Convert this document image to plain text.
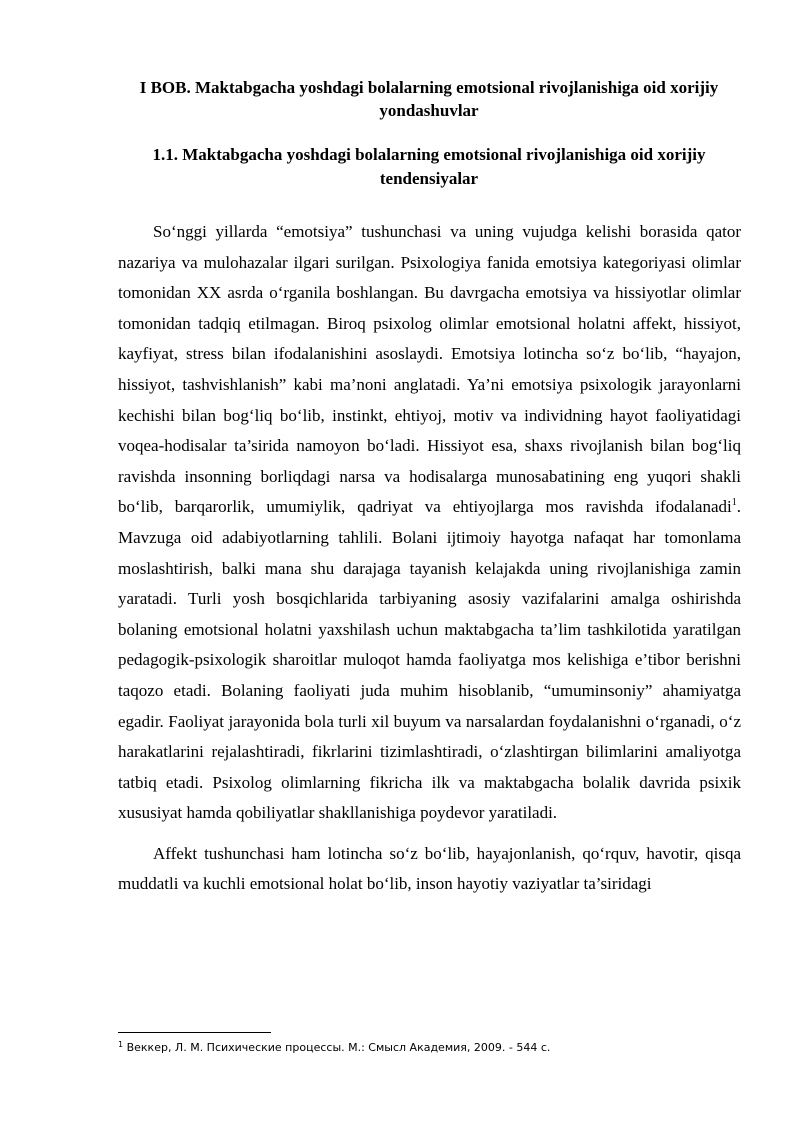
I BOB. Maktabgacha yoshdagi bolalarning emotsional rivojlanishiga oid xorijiy yondashuvlar
1.1. Maktabgacha yoshdagi bolalarning emotsional rivojlanishiga oid xorijiy tendensiyalar

So‘nggi yillarda “emotsiya” tushunchasi va uning vujudga kelishi borasida qator nazariya va mulohazalar ilgari surilgan. Psixologiya fanida emotsiya kategoriyasi olimlar tomonidan XX asrda o‘rganila boshlangan. Bu davrgacha emotsiya va hissiyotlar olimlar tomonidan tadqiq etilmagan. Biroq psixolog olimlar emotsional holatni affekt, hissiyot, kayfiyat, stress bilan ifodalanishini asoslaydi. Emotsiya lotincha so‘z bo‘lib, “hayajon, hissiyot, tashvishlanish” kabi ma’noni anglatadi. Ya’ni emotsiya psixologik jarayonlarni kechishi bilan bog‘liq bo‘lib, instinkt, ehtiyoj, motiv va individning hayot faoliyatidagi voqea-hodisalar ta’sirida namoyon bo‘ladi. Hissiyot esa, shaxs rivojlanish bilan bog‘liq ravishda insonning borliqdagi narsa va hodisalarga munosabatining eng yuqori shakli bo‘lib, barqarorlik, umumiylik, qadriyat va ehtiyojlarga mos ravishda ifodalanadi$^1$. Mavzuga oid adabiyotlarning tahlili. Bolani ijtimoiy hayotga nafaqat har tomonlama moslashtirish, balki mana shu darajaga tayanish kelajakda uning rivojlanishiga zamin yaratadi. Turli yosh bosqichlarida tarbiyaning asosiy vazifalarini amalga oshirishda bolaning emotsional holatni yaxshilash uchun maktabgacha ta’lim tashkilotida yaratilgan pedagogik-psixologik sharoitlar muloqot hamda faoliyatga mos kelishiga e’tibor berishni taqozo etadi. Bolaning faoliyati juda muhim hisoblanib, “umuminsoniy” ahamiyatga egadir. Faoliyat jarayonida bola turli xil buyum va narsalardan foydalanishni o‘rganadi, o‘z harakatlarini rejalashtiradi, fikrlarini tizimlashtiradi, o‘zlashtirgan bilimlarini amaliyotga tatbiq etadi. Psixolog olimlarning fikricha ilk va maktabgacha bolalik davrida psixik xususiyat hamda qobiliyatlar shakllanishiga poydevor yaratiladi.

Affekt tushunchasi ham lotincha so‘z bo‘lib, hayajonlanish, qo‘rquv, havotir, qisqa muddatli va kuchli emotsional holat bo‘lib, inson hayotiy vaziyatlar ta’siridagi

$^1$ Веккер, Л. М. Психические процессы. М.: Смысл Академия, 2009. - 544 с.
